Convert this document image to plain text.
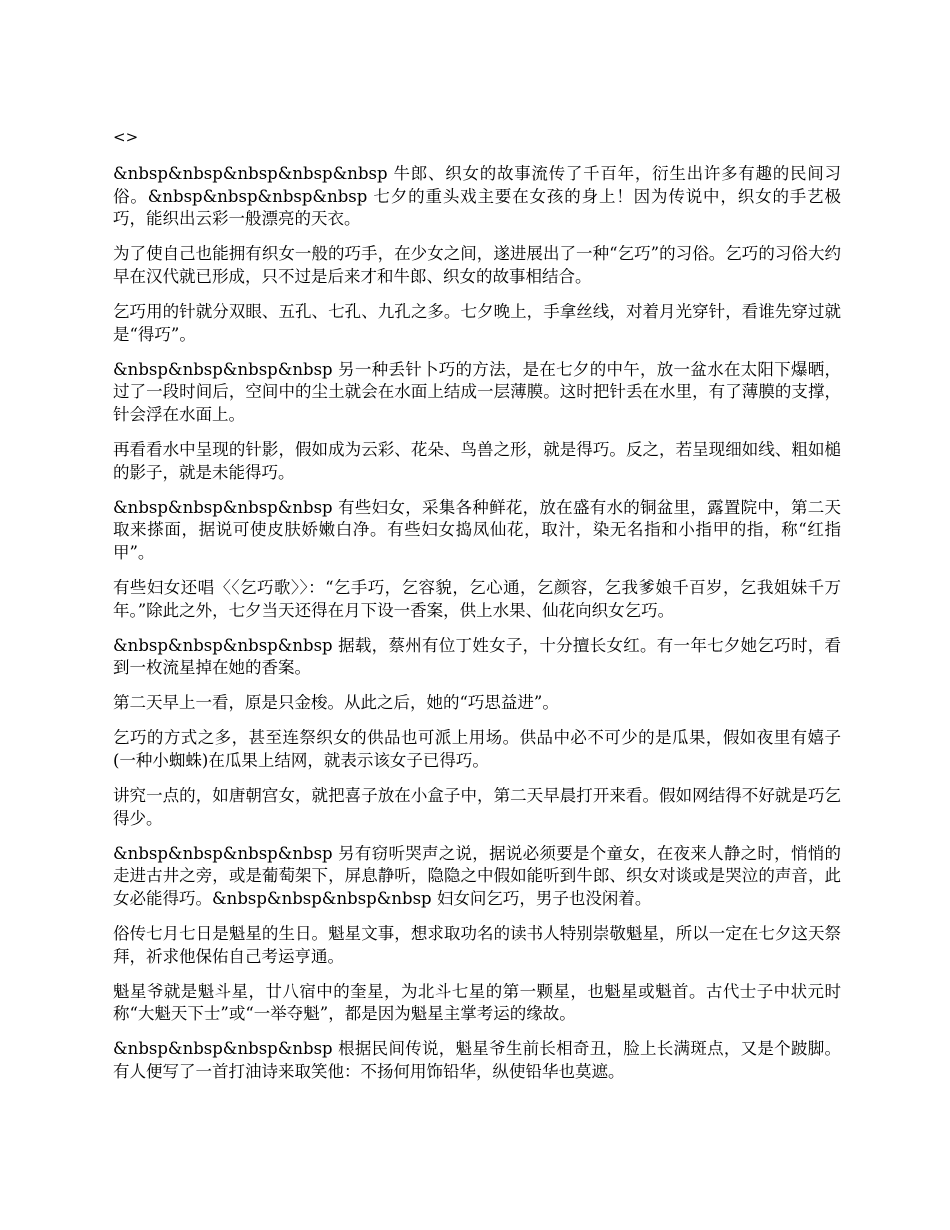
<>

&nbsp&nbsp&nbsp&nbsp&nbsp 牛郎、织女的故事流传了千百年，衍生出许多有趣的民间习俗。&nbsp&nbsp&nbsp&nbsp 七夕的重头戏主要在女孩的身上！因为传说中，织女的手艺极巧，能织出云彩一般漂亮的天衣。

为了使自己也能拥有织女一般的巧手，在少女之间，遂进展出了一种“乞巧”的习俗。乞巧的习俗大约早在汉代就已形成，只不过是后来才和牛郎、织女的故事相结合。

乞巧用的针就分双眼、五孔、七孔、九孔之多。七夕晚上，手拿丝线，对着月光穿针，看谁先穿过就是“得巧”。

&nbsp&nbsp&nbsp&nbsp 另一种丢针卜巧的方法，是在七夕的中午，放一盆水在太阳下爆晒，过了一段时间后，空间中的尘土就会在水面上结成一层薄膜。这时把针丢在水里，有了薄膜的支撑，针会浮在水面上。

再看看水中呈现的针影，假如成为云彩、花朵、鸟兽之形，就是得巧。反之，若呈现细如线、粗如槌的影子，就是未能得巧。

&nbsp&nbsp&nbsp&nbsp 有些妇女，采集各种鲜花，放在盛有水的铜盆里，露置院中，第二天取来搽面，据说可使皮肤娇嫩白净。有些妇女捣凤仙花，取汁，染无名指和小指甲的指，称“红指甲”。

有些妇女还唱〈〈乞巧歌〉〉：“乞手巧，乞容貌，乞心通，乞颜容，乞我爹娘千百岁，乞我姐妹千万年。”除此之外，七夕当天还得在月下设一香案，供上水果、仙花向织女乞巧。

&nbsp&nbsp&nbsp&nbsp 据载，蔡州有位丁姓女子，十分擅长女红。有一年七夕她乞巧时，看到一枚流星掉在她的香案。

第二天早上一看，原是只金梭。从此之后，她的“巧思益进”。

乞巧的方式之多，甚至连祭织女的供品也可派上用场。供品中必不可少的是瓜果，假如夜里有嬉子(一种小蜘蛛)在瓜果上结网，就表示该女子已得巧。

讲究一点的，如唐朝宫女，就把喜子放在小盒子中，第二天早晨打开来看。假如网结得不好就是巧乞得少。

&nbsp&nbsp&nbsp&nbsp 另有窃听哭声之说，据说必须要是个童女，在夜来人静之时，悄悄的走进古井之旁，或是葡萄架下，屏息静听，隐隐之中假如能听到牛郎、织女对谈或是哭泣的声音，此女必能得巧。&nbsp&nbsp&nbsp&nbsp 妇女问乞巧，男子也没闲着。

俗传七月七日是魁星的生日。魁星文事，想求取功名的读书人特别崇敬魁星，所以一定在七夕这天祭拜，祈求他保佑自己考运亨通。

魁星爷就是魁斗星，廿八宿中的奎星，为北斗七星的第一颗星，也魁星或魁首。古代士子中状元时称“大魁天下士”或“一举夺魁”，都是因为魁星主掌考运的缘故。

&nbsp&nbsp&nbsp&nbsp 根据民间传说，魁星爷生前长相奇丑，脸上长满斑点，又是个跛脚。有人便写了一首打油诗来取笑他：不扬何用饰铅华，纵使铅华也莫遮。
